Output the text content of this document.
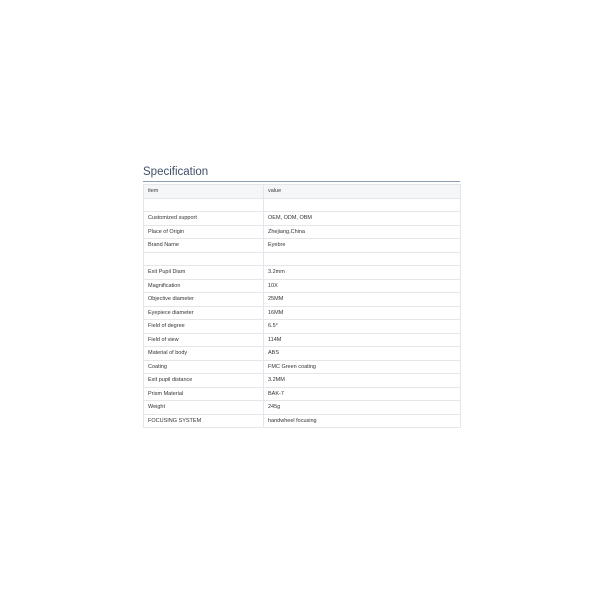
Specification
item	value

Customized support	OEM, ODM, OBM
Place of Origin	Zhejiang,China
Brand Name	Eyebre

Exit Pupil Diam	3.2mm
Magnification	10X
Objective diameter	25MM
Eyepiece diameter	16MM
Field of degree	6.5°
Field of view	114M
Material of body	ABS
Coating	FMC Green coating
Exit pupil distance	3.2MM
Prism Material	BAK-7
Weight	245g
FOCUSING SYSTEM	handwheel focusing
